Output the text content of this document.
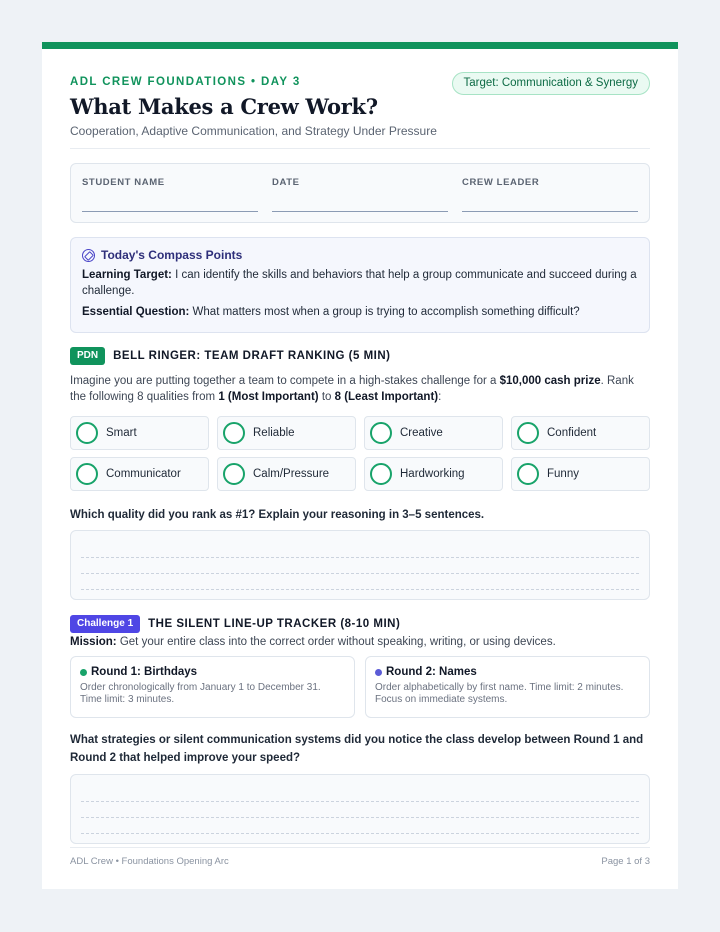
ADL CREW FOUNDATIONS • DAY 3	Target: Communication & Synergy
What Makes a Crew Work?
Cooperation, Adaptive Communication, and Strategy Under Pressure
STUDENT NAME	DATE	CREW LEADER
Today's Compass Points

Learning Target: I can identify the skills and behaviors that help a group communicate and succeed during a challenge.

Essential Question: What matters most when a group is trying to accomplish something difficult?

PDN	BELL RINGER: TEAM DRAFT RANKING (5 MIN)
Imagine you are putting together a team to compete in a high-stakes challenge for a $10,000 cash prize. Rank the following 8 qualities from 1 (Most Important) to 8 (Least Important):
Smart	Reliable	Creative	Confident
Communicator	Calm/Pressure	Hardworking	Funny
Which quality did you rank as #1? Explain your reasoning in 3–5 sentences.
Challenge 1	THE SILENT LINE-UP TRACKER (8-10 MIN)
Mission: Get your entire class into the correct order without speaking, writing, or using devices.
Round 1: Birthdays
Order chronologically from January 1 to December 31.
Time limit: 3 minutes.
Round 2: Names
Order alphabetically by first name. Time limit: 2 minutes.
Focus on immediate systems.
What strategies or silent communication systems did you notice the class develop between Round 1 and Round 2 that helped improve your speed?
ADL Crew • Foundations Opening Arc	Page 1 of 3
